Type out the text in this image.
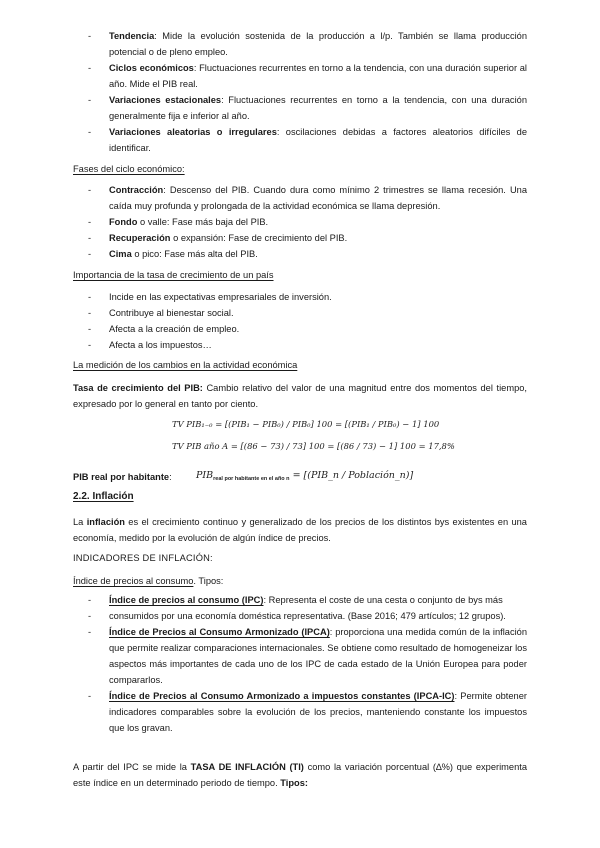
- Tendencia: Mide la evolución sostenida de la producción a l/p. También se llama producción potencial o de pleno empleo.
- Ciclos económicos: Fluctuaciones recurrentes en torno a la tendencia, con una duración superior al año. Mide el PIB real.
- Variaciones estacionales: Fluctuaciones recurrentes en torno a la tendencia, con una duración generalmente fija e inferior al año.
- Variaciones aleatorias o irregulares: oscilaciones debidas a factores aleatorios difíciles de identificar.
Fases del ciclo económico:
- Contracción: Descenso del PIB. Cuando dura como mínimo 2 trimestres se llama recesión. Una caída muy profunda y prolongada de la actividad económica se llama depresión.
- Fondo o valle: Fase más baja del PIB.
- Recuperación o expansión: Fase de crecimiento del PIB.
- Cima o pico: Fase más alta del PIB.
Importancia de la tasa de crecimiento de un país
- Incide en las expectativas empresariales de inversión.
- Contribuye al bienestar social.
- Afecta a la creación de empleo.
- Afecta a los impuestos…
La medición de los cambios en la actividad económica
Tasa de crecimiento del PIB: Cambio relativo del valor de una magnitud entre dos momentos del tiempo, expresado por lo general en tanto por ciento.
TV PIB₁₋₀ = [(PIB₁ − PIB₀) / PIB₀] 100 = [(PIB₁ / PIB₀) − 1] 100
TV PIB año A = [(86 − 73) / 73] 100 = [(86 / 73) − 1] 100 = 17,8%
PIB real por habitante:	$PIB_{real por habitante en el año n}$ = [(PIB_n / Población_n)]
2.2. Inflación
La inflación es el crecimiento continuo y generalizado de los precios de los distintos bys existentes en una economía, medido por la evolución de algún índice de precios.
INDICADORES DE INFLACIÓN:
Índice de precios al consumo. Tipos:
- Índice de precios al consumo (IPC): Representa el coste de una cesta o conjunto de bys más
- consumidos por una economía doméstica representativa. (Base 2016; 479 artículos; 12 grupos).
- Índice de Precios al Consumo Armonizado (IPCA): proporciona una medida común de la inflación que permite realizar comparaciones internacionales. Se obtiene como resultado de homogeneizar los aspectos más importantes de cada uno de los IPC de cada estado de la Unión Europea para poder compararlos.
- Índice de Precios al Consumo Armonizado a impuestos constantes (IPCA-IC): Permite obtener indicadores comparables sobre la evolución de los precios, manteniendo constante los impuestos que los gravan.
A partir del IPC se mide la TASA DE INFLACIÓN (TI) como la variación porcentual (∆%) que experimenta este índice en un determinado periodo de tiempo. Tipos:
